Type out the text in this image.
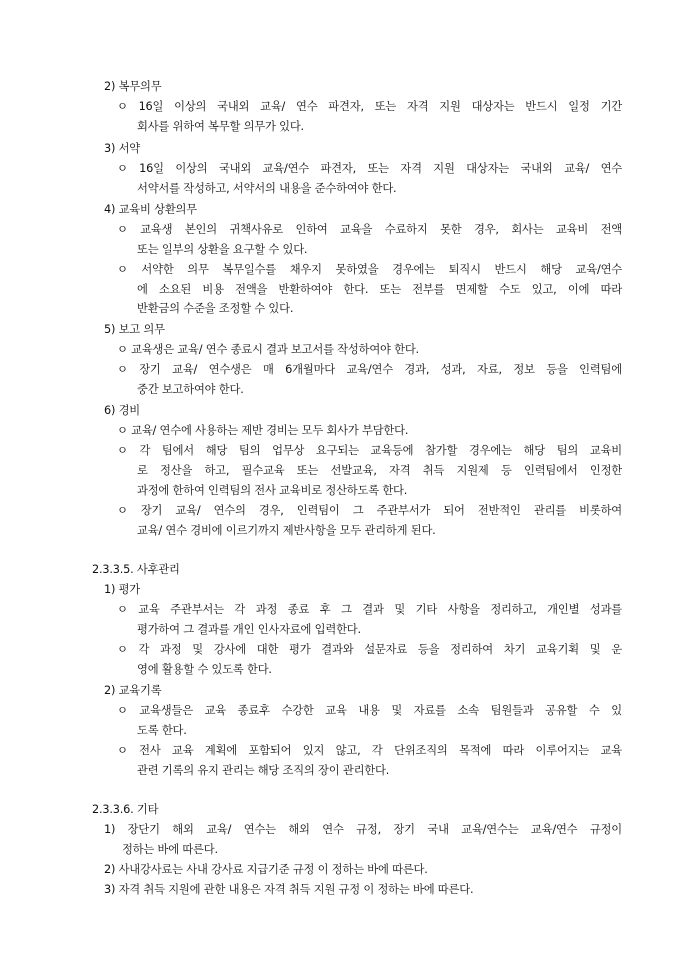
2) 복무의무
ㅇ 16일 이상의 국내외 교육/ 연수 파견자, 또는 자격 지원 대상자는 반드시 일정 기간
회사를 위하여 복무할 의무가 있다.
3) 서약
ㅇ 16일 이상의 국내외 교육/연수 파견자, 또는 자격 지원 대상자는 국내외 교육/ 연수
서약서를 작성하고, 서약서의 내용을 준수하여야 한다.
4) 교육비 상환의무
ㅇ 교육생 본인의 귀책사유로 인하여 교육을 수료하지 못한 경우, 회사는 교육비 전액
또는 일부의 상환을 요구할 수 있다.
ㅇ 서약한 의무 복무일수를 채우지 못하였을 경우에는 퇴직시 반드시 해당 교육/연수
에 소요된 비용 전액을 반환하여야 한다. 또는 전부를 면제할 수도 있고, 이에 따라
반환금의 수준을 조정할 수 있다.
5) 보고 의무
ㅇ 교육생은 교육/ 연수 종료시 결과 보고서를 작성하여야 한다.
ㅇ 장기 교육/ 연수생은 매 6개월마다 교육/연수 경과, 성과, 자료, 정보 등을 인력팀에
중간 보고하여야 한다.
6) 경비
ㅇ 교육/ 연수에 사용하는 제반 경비는 모두 회사가 부담한다.
ㅇ 각 팀에서 해당 팀의 업무상 요구되는 교육등에 참가할 경우에는 해당 팀의 교육비
로 정산을 하고, 필수교육 또는 선발교육, 자격 취득 지원제 등 인력팀에서 인정한
과정에 한하여 인력팀의 전사 교육비로 정산하도록 한다.
ㅇ 장기 교육/ 연수의 경우, 인력팀이 그 주관부서가 되어 전반적인 관리를 비롯하여
교육/ 연수 경비에 이르기까지 제반사항을 모두 관리하게 된다.
2.3.3.5. 사후관리
1) 평가
ㅇ 교육 주관부서는 각 과정 종료 후 그 결과 및 기타 사항을 정리하고, 개인별 성과를
평가하여 그 결과를 개인 인사자료에 입력한다.
ㅇ 각 과정 및 강사에 대한 평가 결과와 설문자료 등을 정리하여 차기 교육기획 및 운
영에 활용할 수 있도록 한다.
2) 교육기록
ㅇ 교육생들은 교육 종료후 수강한 교육 내용 및 자료를 소속 팀원들과 공유할 수 있
도록 한다.
ㅇ 전사 교육 계획에 포함되어 있지 않고, 각 단위조직의 목적에 따라 이루어지는 교육
관련 기록의 유지 관리는 해당 조직의 장이 관리한다.
2.3.3.6. 기타
1) 장단기 해외 교육/ 연수는 해외 연수 규정, 장기 국내 교육/연수는 교육/연수 규정이
정하는 바에 따른다.
2) 사내강사료는 사내 강사료 지급기준 규정 이 정하는 바에 따른다.
3) 자격 취득 지원에 관한 내용은 자격 취득 지원 규정 이 정하는 바에 따른다.
